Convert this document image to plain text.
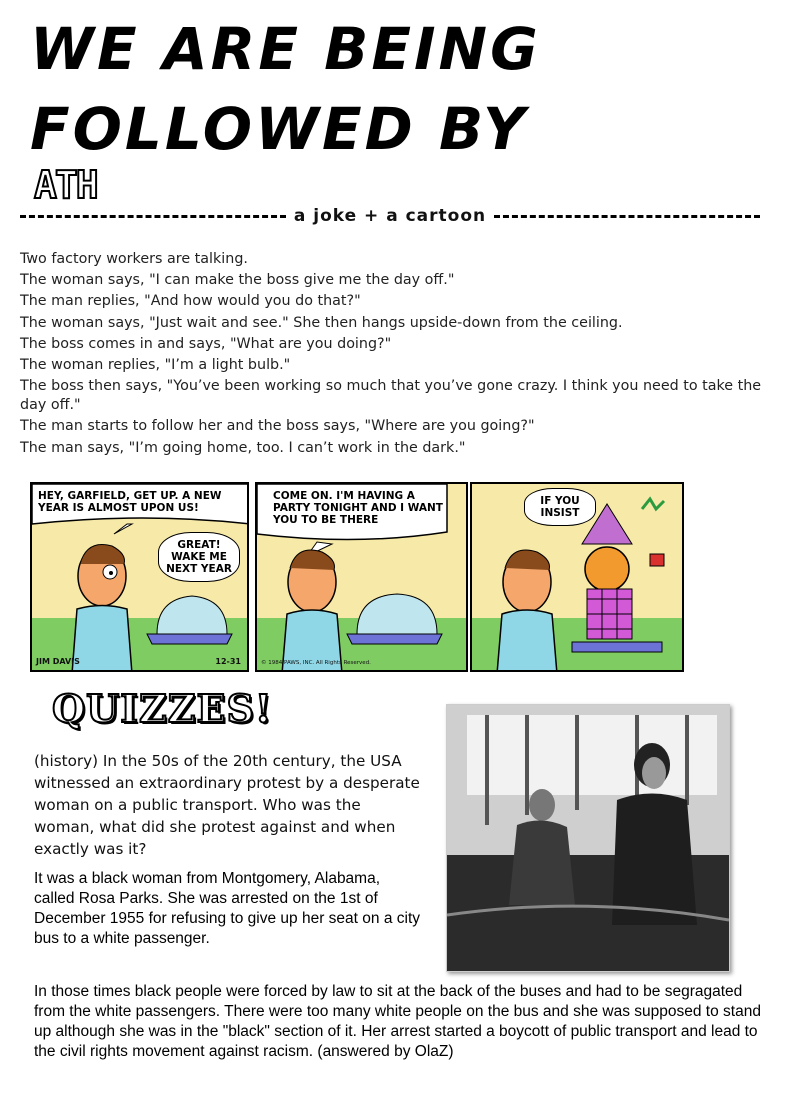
WE ARE BEING
FOLLOWED BY
ATH
a joke + a cartoon

Two factory workers are talking.

The woman says, "I can make the boss give me the day off."

The man replies, "And how would you do that?"

The woman says, "Just wait and see." She then hangs upside-down from the ceiling.

The boss comes in and says, "What are you doing?"

The woman replies, "I’m a light bulb."

The boss then says, "You’ve been working so much that you’ve gone crazy. I think you need to take the day off."

The man starts to follow her and the boss says, "Where are you going?"

The man says, "I’m going home, too. I can’t work in the dark."

HEY, GARFIELD, GET UP. A NEW YEAR IS ALMOST UPON US!
GREAT! WAKE ME NEXT YEAR
JIM DAVIS	12-31
COME ON. I'M HAVING A PARTY TONIGHT AND I WANT YOU TO BE THERE
© 1984 PAWS, INC. All Rights Reserved.
IF YOU INSIST
QUIZZES!
(history) In the 50s of the 20th century, the USA witnessed an extraordinary protest by a desperate woman on a public transport. Who was the woman, what did she protest against and when exactly was it?
It was a black woman from Montgomery, Alabama, called Rosa Parks. She was arrested on the 1st of December 1955 for refusing to give up her seat on a city bus to a white passenger.
In those times black people were forced by law to sit at the back of the buses and had to be segragated from the white passengers. There were too many white people on the bus and she was supposed to stand up although she was in the "black" section of it. Her arrest started a boycott of public transport and lead to the civil rights movement against racism. (answered by OlaZ)
